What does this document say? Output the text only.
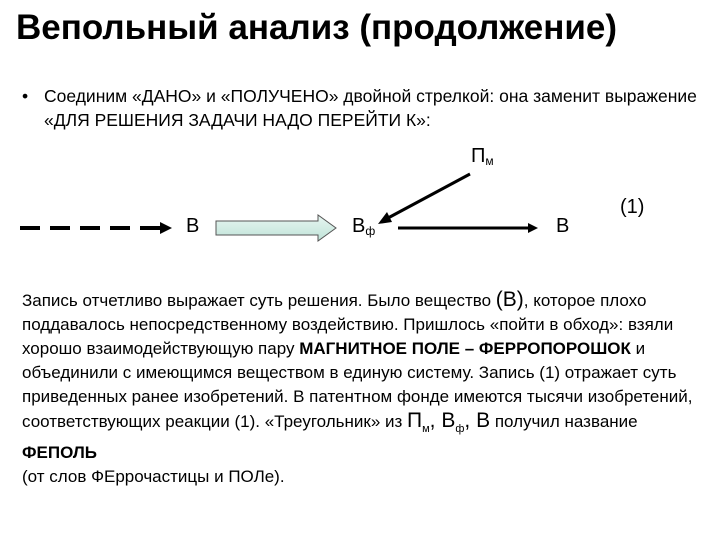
Вепольный анализ (продолжение)
• Соединим «ДАНО» и «ПОЛУЧЕНО» двойной стрелкой: она заменит выражение «ДЛЯ РЕШЕНИЯ ЗАДАЧИ НАДО ПЕРЕЙТИ К»:
$П_м$
В	$В_ф$	В
(1)
Запись отчетливо выражает суть решения. Было вещество (В), которое плохо поддавалось непосредственному воздействию. Пришлось «пойти в обход»: взяли хорошо взаимодействующую пару МАГНИТНОЕ ПОЛЕ – ФЕРРОПОРОШОК и объединили с имеющимся веществом в единую систему. Запись (1) отражает суть приведенных ранее изобретений. В патентном фонде имеются тысячи изобретений, соответствующих реакции (1). «Треугольник» из $П_м$, $В_ф$, В получил название ФЕПОЛЬ
(от слов ФЕррочастицы и ПОЛе).
